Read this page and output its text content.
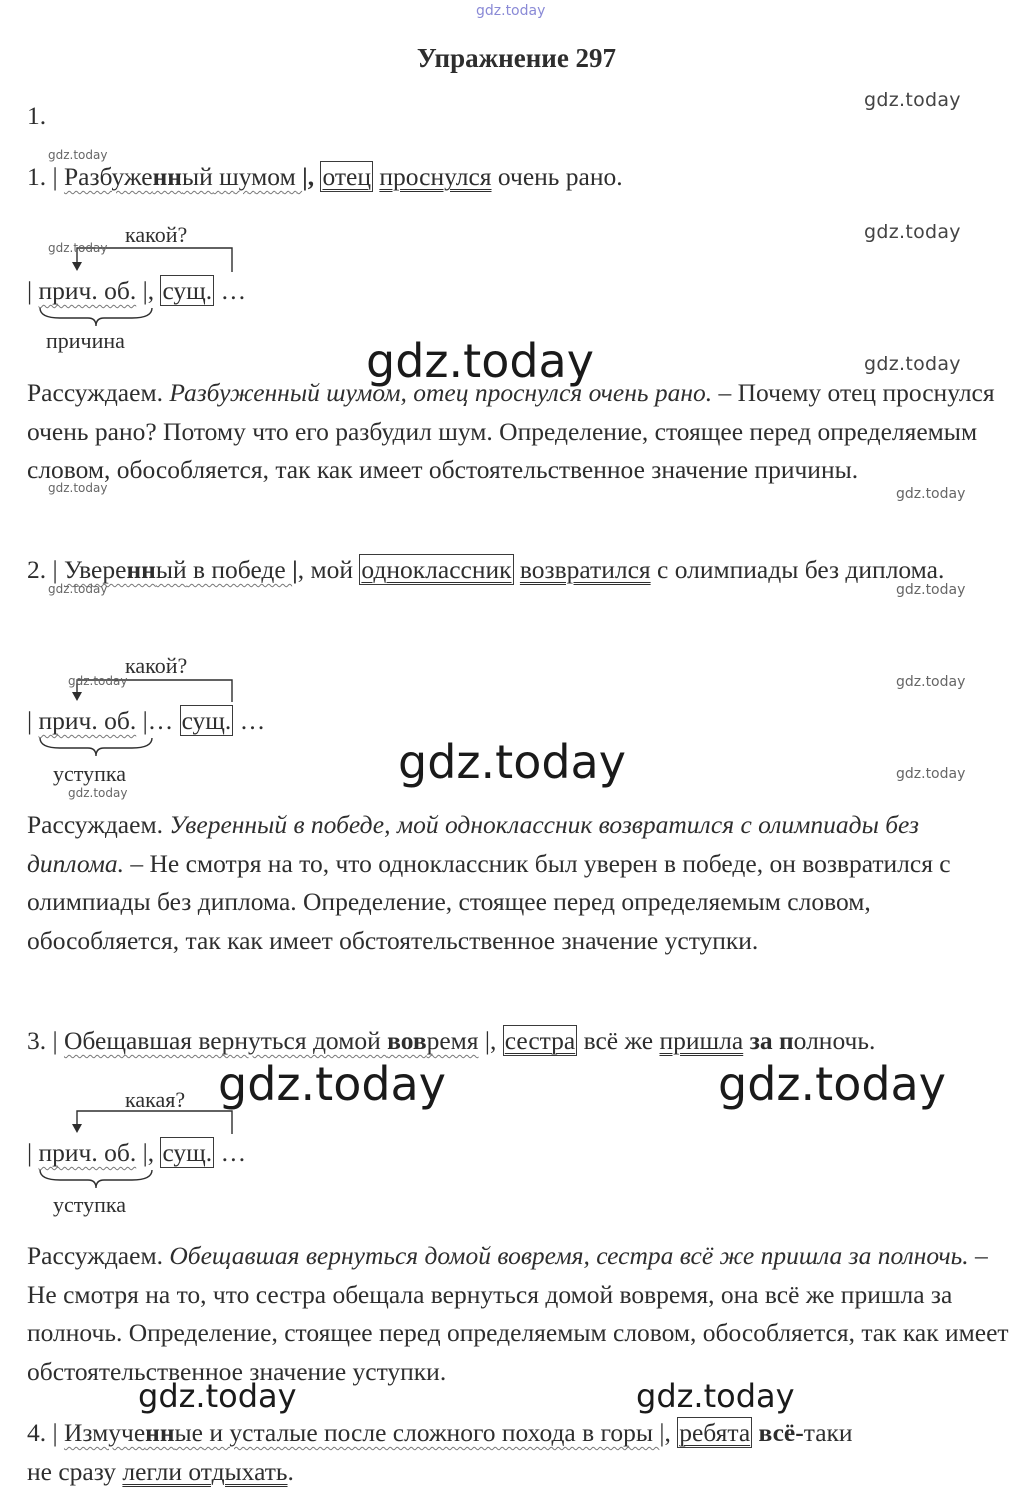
gdz.today
Упражнение 297
1.
1. | Разбуженный шумом |, отец проснулся очень рано.
какой?
| прич. об. |, сущ. …
причина
Рассуждаем. Разбуженный шумом, отец проснулся очень рано. – Почему отец проснулся очень рано? Потому что его разбудил шум. Определение, стоящее перед определяемым словом, обособляется, так как имеет обстоятельственное значение причины.
2. | Уверенный в победе |, мой одноклассник возвратился с олимпиады без диплома.
какой?
| прич. об. |… сущ. …
уступка
Рассуждаем. Уверенный в победе, мой одноклассник возвратился с олимпиады без диплома. – Не смотря на то, что одноклассник был уверен в победе, он возвратился с олимпиады без диплома. Определение, стоящее перед определяемым словом, обособляется, так как имеет обстоятельственное значение уступки.
3. | Обещавшая вернуться домой вовремя |, сестра всё же пришла за полночь.
какая?
| прич. об. |, сущ. …
уступка
Рассуждаем. Обещавшая вернуться домой вовремя, сестра всё же пришла за полночь. – Не смотря на то, что сестра обещала вернуться домой вовремя, она всё же пришла за полночь. Определение, стоящее перед определяемым словом, обособляется, так как имеет обстоятельственное значение уступки.
4. | Измученные и усталые после сложного похода в горы |, ребята всё-таки
не сразу легли отдыхать.
gdz.today
gdz.today
gdz.today
gdz.today
gdz.today	gdz.today
gdz.today	gdz.today
gdz.today	gdz.today
gdz.today	gdz.today
gdz.today	gdz.today
gdz.today
gdz.today	gdz.today
gdz.today	gdz.today
